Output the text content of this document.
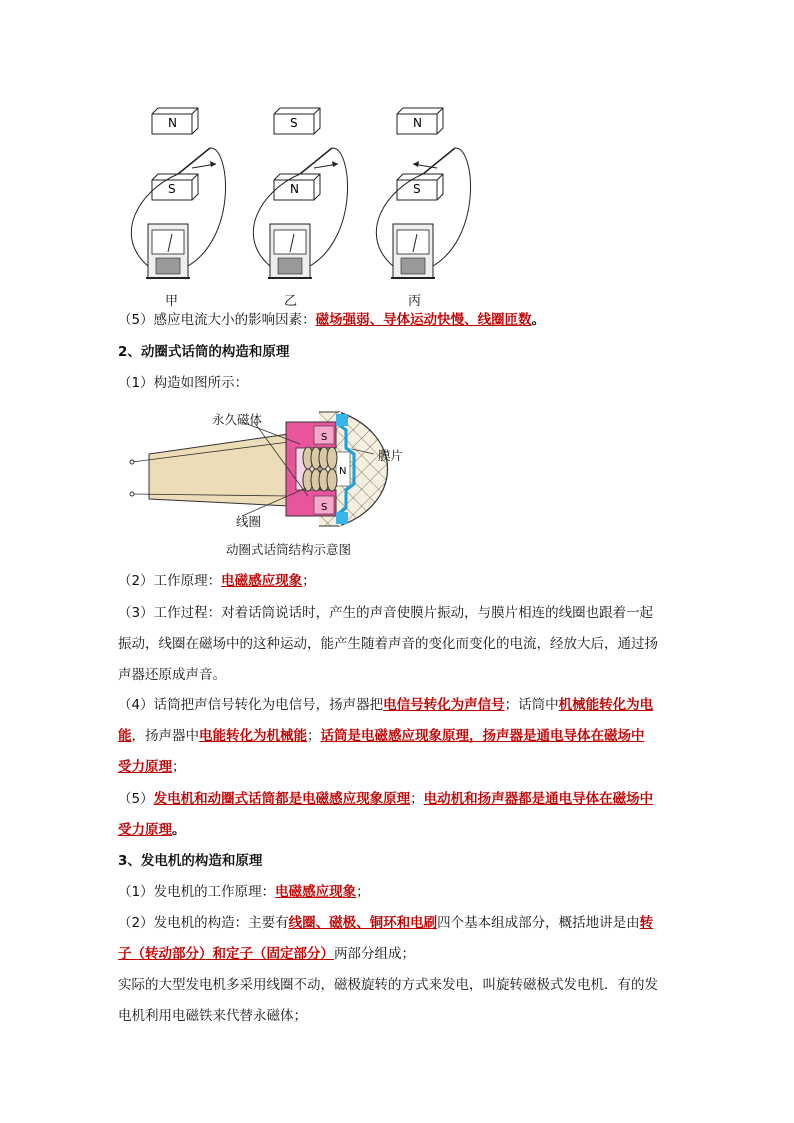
N
S
S
N
N
S
甲	乙	丙
（5）感应电流大小的影响因素：磁场强弱、导体运动快慢、线圈匝数。
2、动圈式话筒的构造和原理
（1）构造如图所示：
S
S
N
永久磁体
膜片
线圈
动圈式话筒结构示意图
（2）工作原理：电磁感应现象；
（3）工作过程：对着话筒说话时，产生的声音使膜片振动，与膜片相连的线圈也跟着一起
振动，线圈在磁场中的这种运动，能产生随着声音的变化而变化的电流，经放大后，通过扬
声器还原成声音。
（4）话筒把声信号转化为电信号，扬声器把电信号转化为声信号；话筒中机械能转化为电
能，扬声器中电能转化为机械能；话筒是电磁感应现象原理，扬声器是通电导体在磁场中
受力原理；
（5）发电机和动圈式话筒都是电磁感应现象原理；电动机和扬声器都是通电导体在磁场中
受力原理。
3、发电机的构造和原理
（1）发电机的工作原理：电磁感应现象；
（2）发电机的构造：主要有线圈、磁极、铜环和电刷四个基本组成部分，概括地讲是由转
子（转动部分）和定子（固定部分）两部分组成；
实际的大型发电机多采用线圈不动，磁极旋转的方式来发电，叫旋转磁极式发电机．有的发
电机利用电磁铁来代替永磁体；
